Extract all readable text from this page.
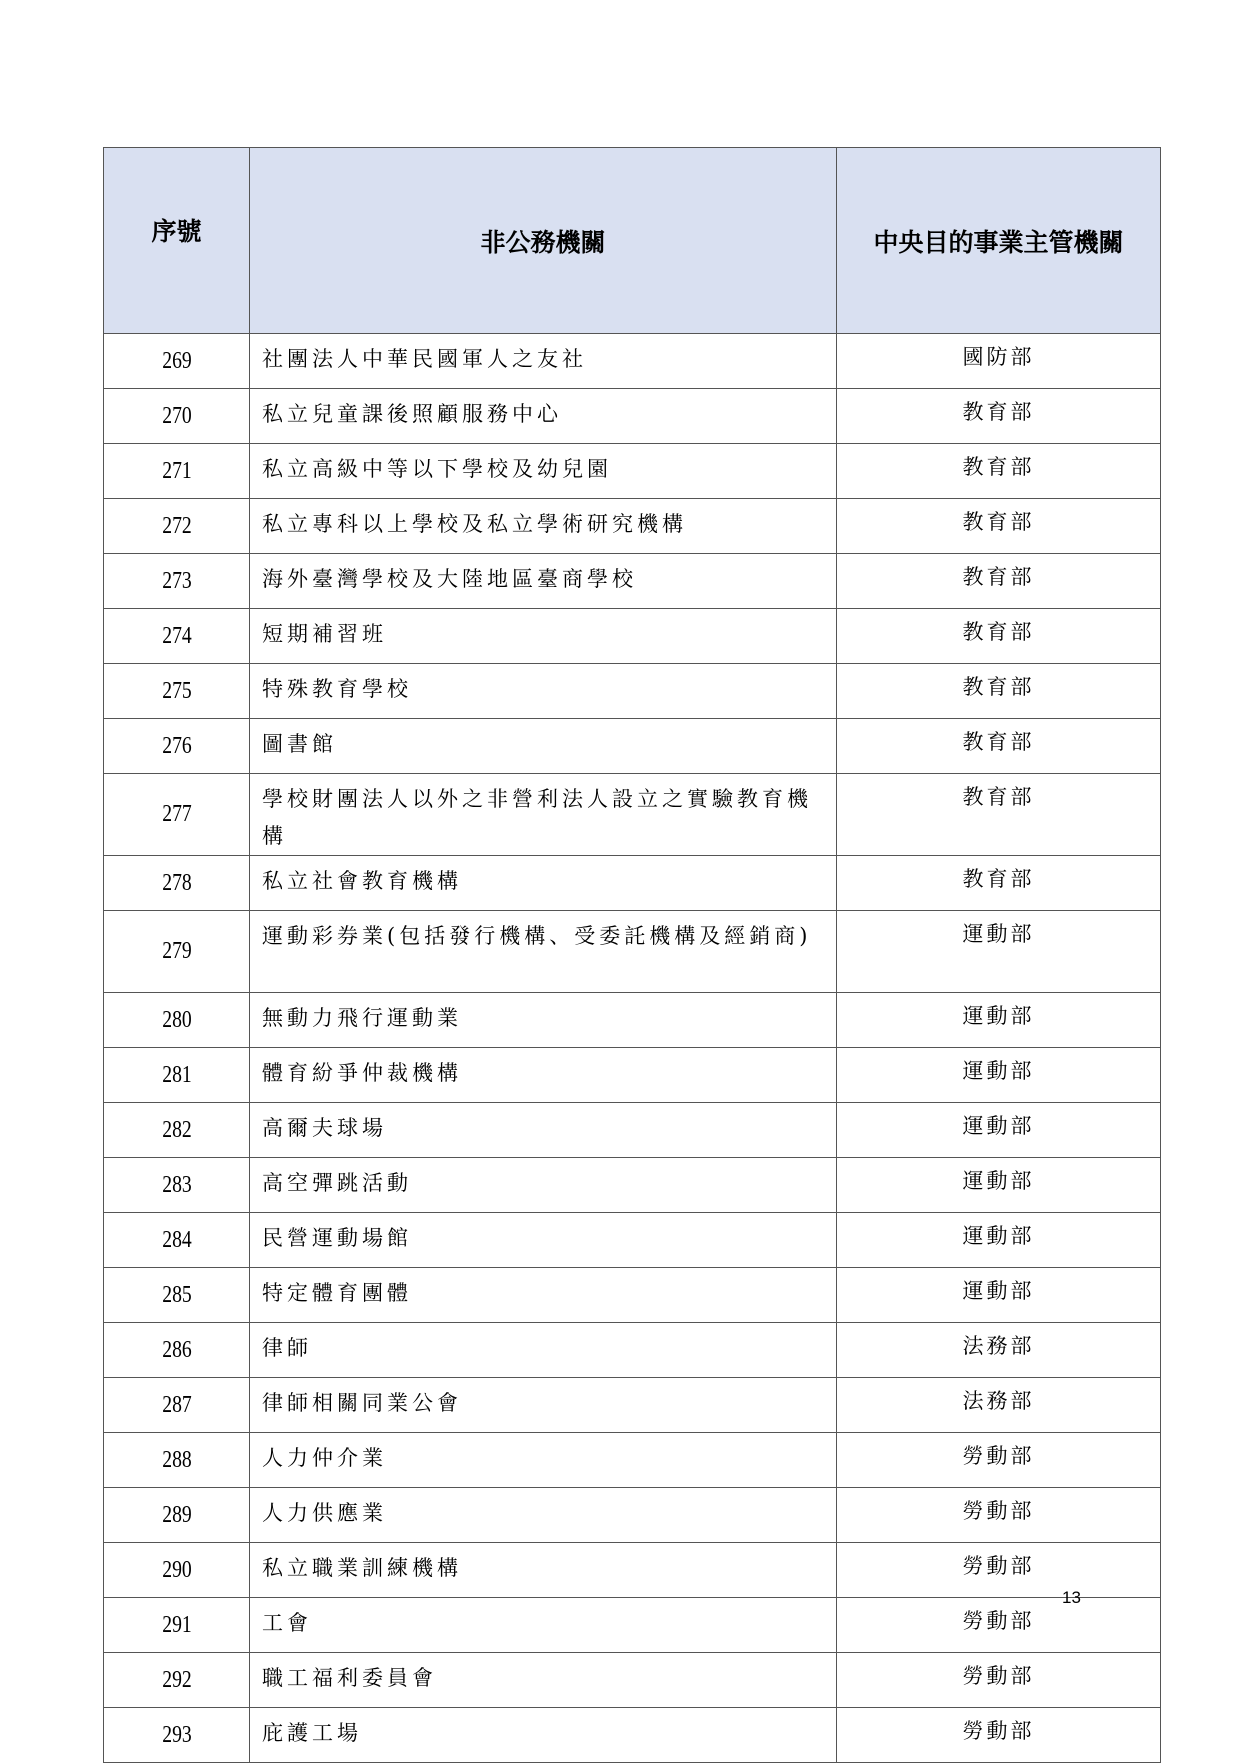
序號	非公務機關	中央目的事業主管機關
269	社團法人中華民國軍人之友社	國防部
270	私立兒童課後照顧服務中心	教育部
271	私立高級中等以下學校及幼兒園	教育部
272	私立專科以上學校及私立學術研究機構	教育部
273	海外臺灣學校及大陸地區臺商學校	教育部
274	短期補習班	教育部
275	特殊教育學校	教育部
276	圖書館	教育部
277	學校財團法人以外之非營利法人設立之實驗教育機構	教育部
278	私立社會教育機構	教育部
279	運動彩券業(包括發行機構、受委託機構及經銷商)	運動部
280	無動力飛行運動業	運動部
281	體育紛爭仲裁機構	運動部
282	高爾夫球場	運動部
283	高空彈跳活動	運動部
284	民營運動場館	運動部
285	特定體育團體	運動部
286	律師	法務部
287	律師相關同業公會	法務部
288	人力仲介業	勞動部
289	人力供應業	勞動部
290	私立職業訓練機構	勞動部
291	工會	勞動部
292	職工福利委員會	勞動部
293	庇護工場	勞動部
13
